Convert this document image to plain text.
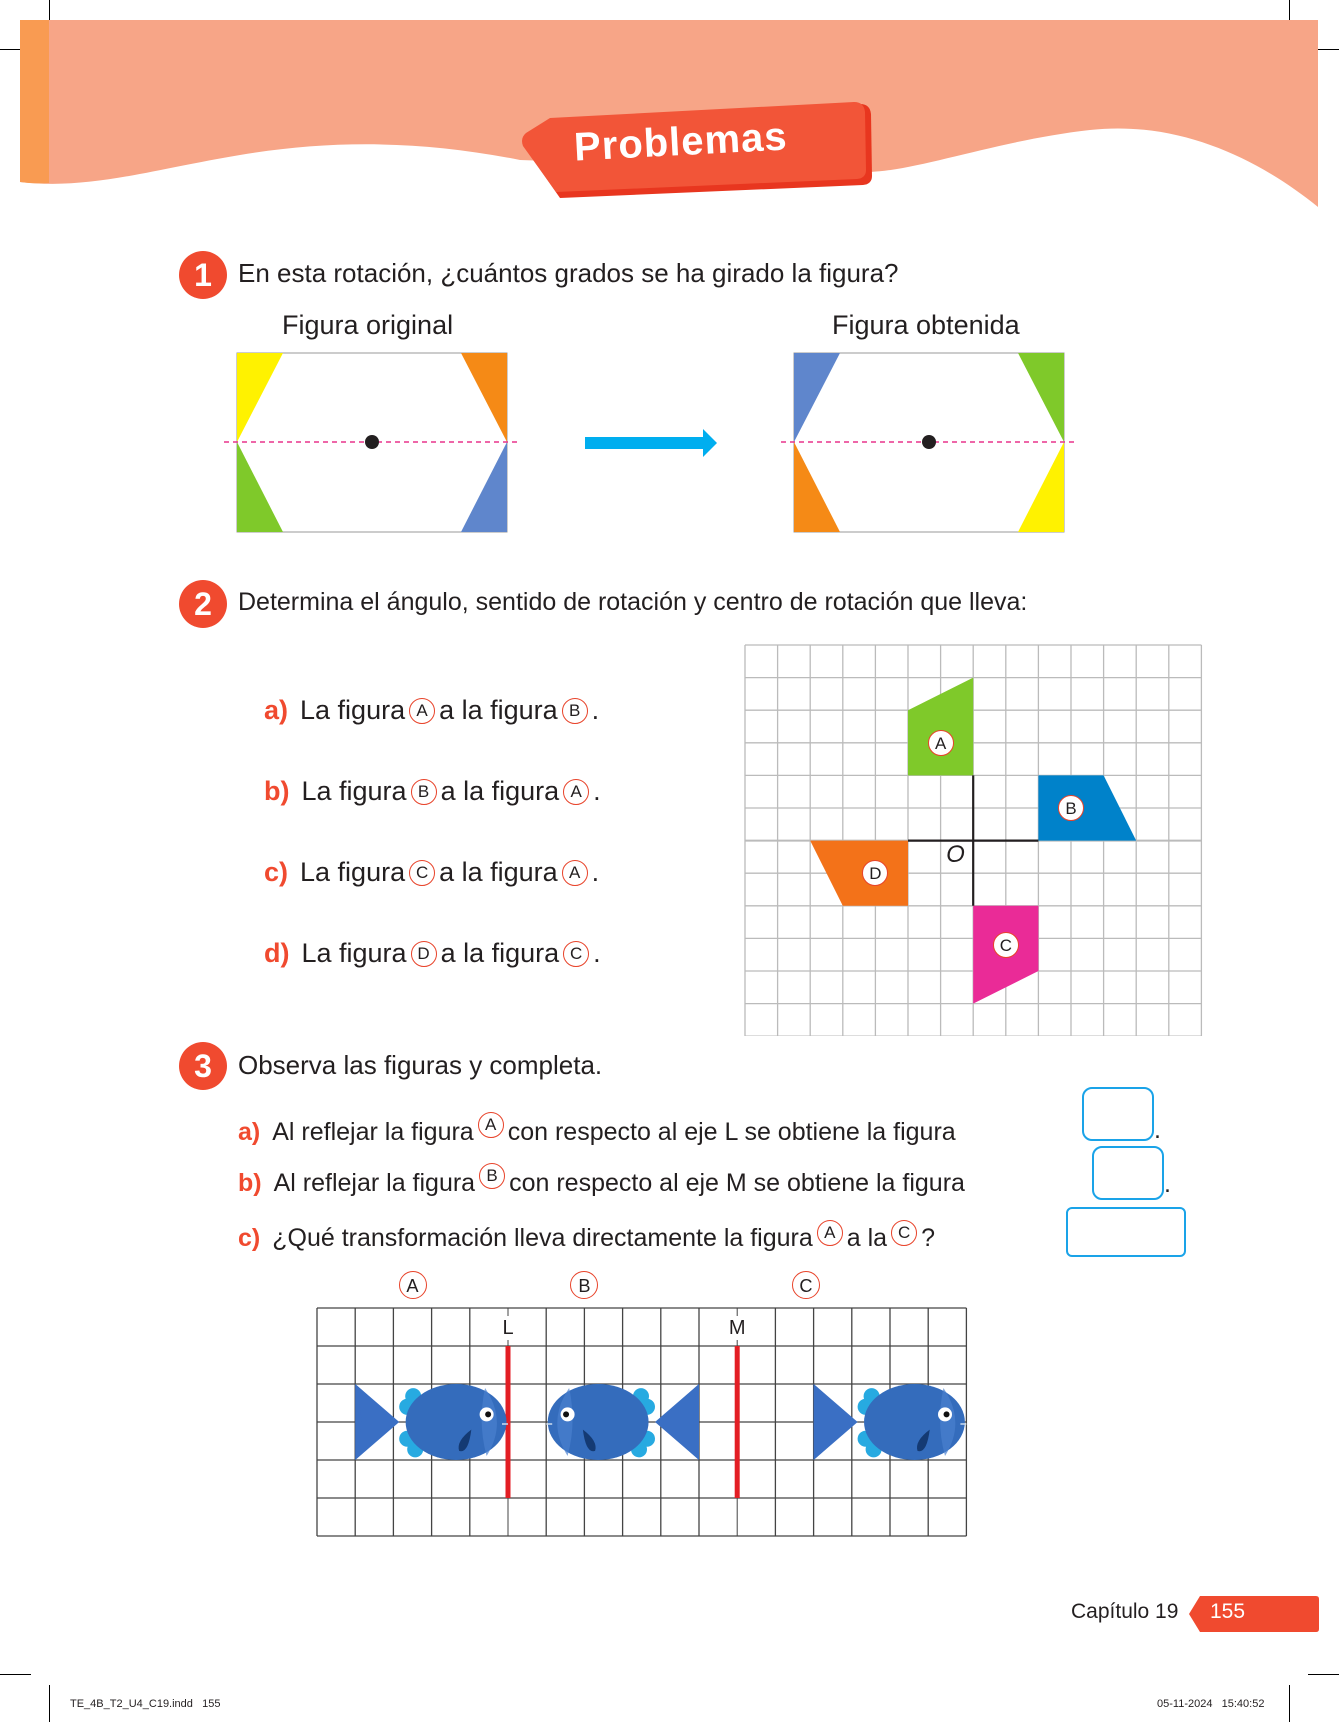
Problemas
1	En esta rotación, ¿cuántos grados se ha girado la figura?
Figura original	Figura obtenida
2	Determina el ángulo, sentido de rotación y centro de rotación que lleva:
a) La figura A a la figura B .
b) La figura B a la figura A .
c) La figura C a la figura A .
d) La figura D a la figura C .
A
B
C
D
O
3	Observa las figuras y completa.
a) Al reflejar la figura A con respecto al eje L se obtiene la figura	.
b) Al reflejar la figura B con respecto al eje M se obtiene la figura	.
c) ¿Qué transformación lleva directamente la figura A a la C ?
A	B	C
L	M
Capítulo 19 155
TE_4B_T2_U4_C19.indd   155	05-11-2024   15:40:52
